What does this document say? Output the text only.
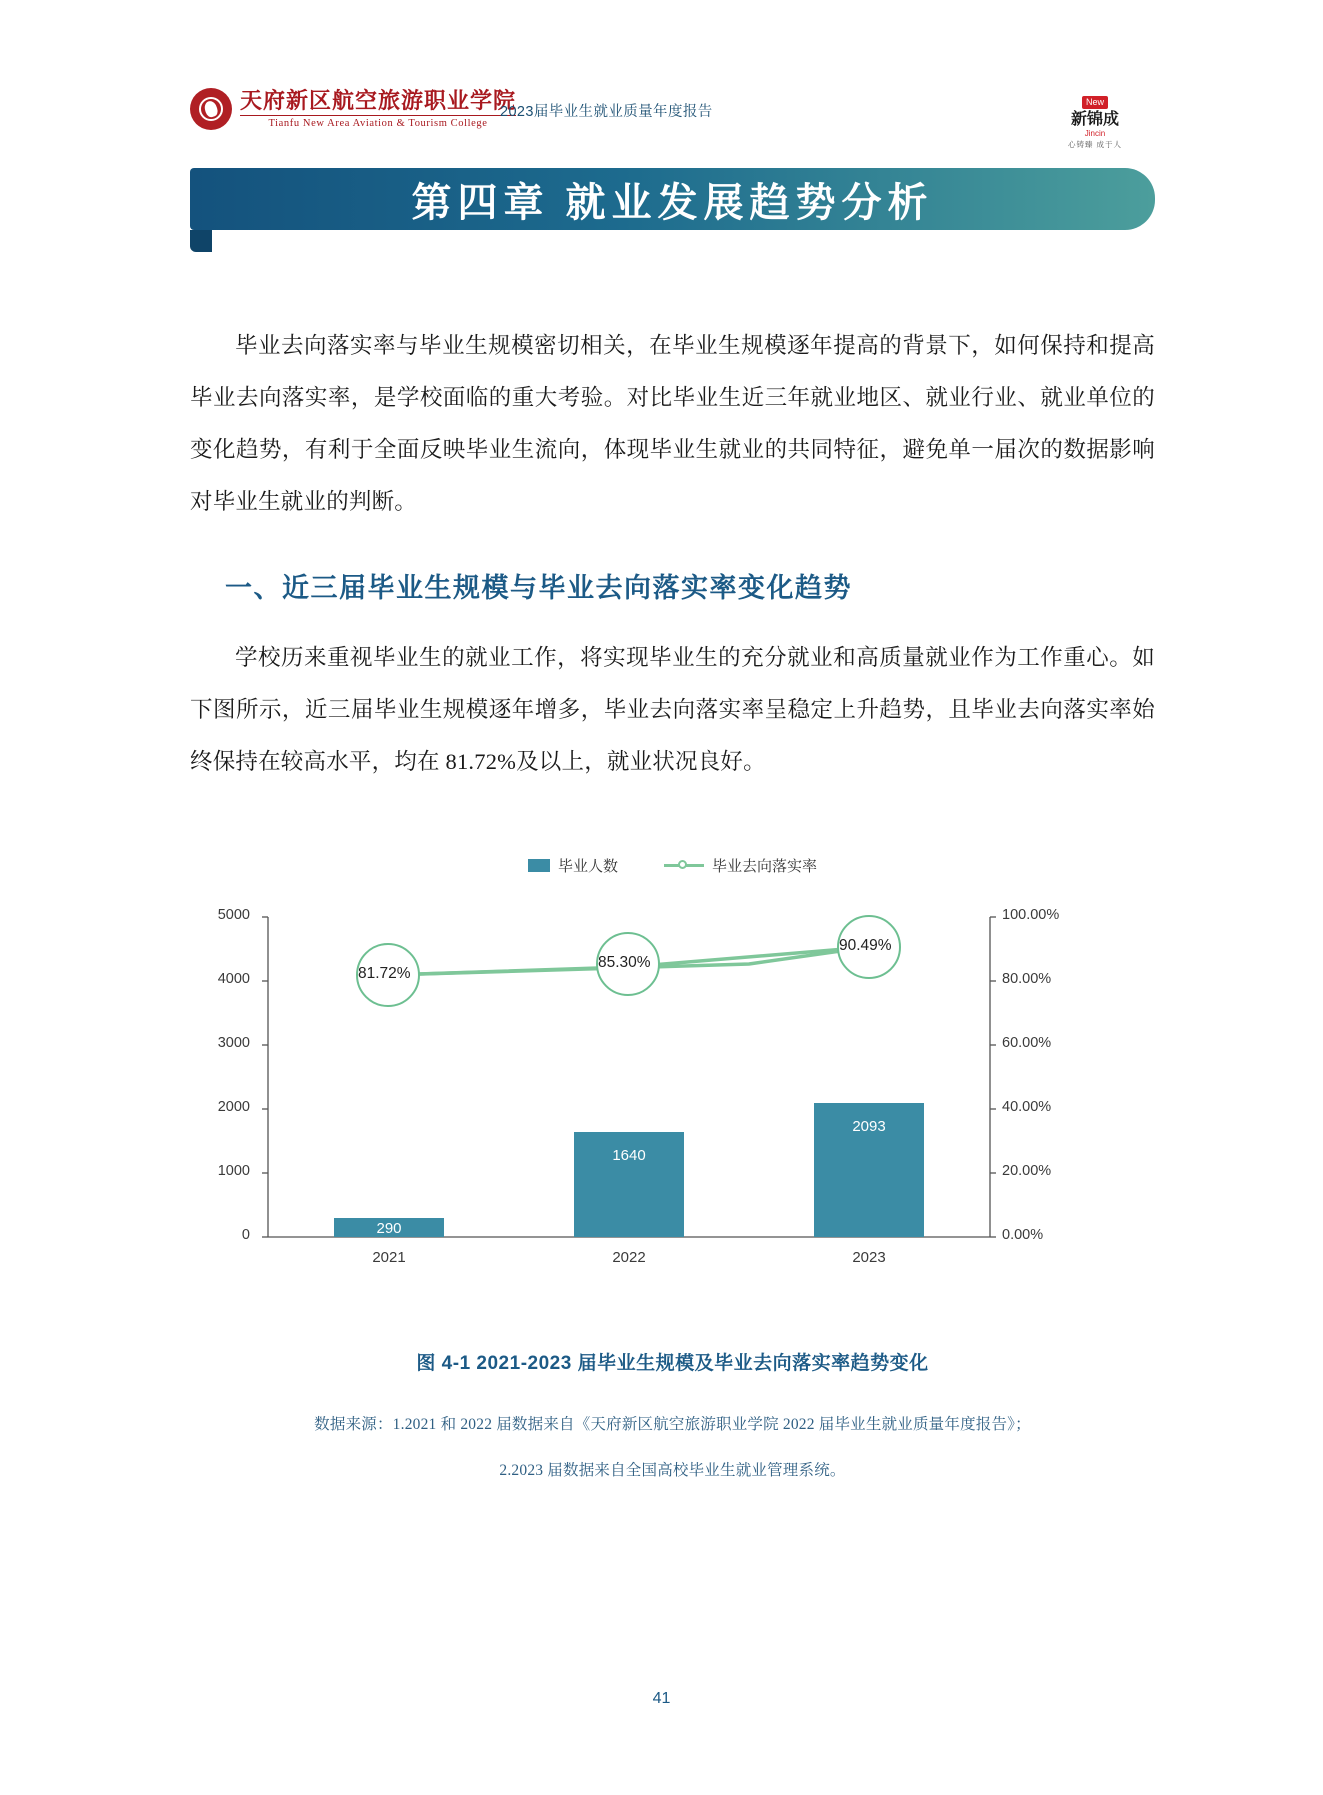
天府新区航空旅游职业学院
Tianfu New Area Aviation & Tourism College
2023届毕业生就业质量年度报告
New
新锦成
Jincin
心铸臻 成于人
第四章 就业发展趋势分析
毕业去向落实率与毕业生规模密切相关，在毕业生规模逐年提高的背景下，如何保持和提高毕业去向落实率，是学校面临的重大考验。对比毕业生近三年就业地区、就业行业、就业单位的变化趋势，有利于全面反映毕业生流向，体现毕业生就业的共同特征，避免单一届次的数据影响对毕业生就业的判断。
一、近三届毕业生规模与毕业去向落实率变化趋势
学校历来重视毕业生的就业工作，将实现毕业生的充分就业和高质量就业作为工作重心。如下图所示，近三届毕业生规模逐年增多，毕业去向落实率呈稳定上升趋势，且毕业去向落实率始终保持在较高水平，均在 81.72%及以上，就业状况良好。
毕业人数	毕业去向落实率
5000
4000
3000
2000
1000
0
100.00%
80.00%
60.00%
40.00%
20.00%
0.00%
290
1640
2093
81.72%
85.30%
90.49%
2021	2022	2023
图 4-1 2021-2023 届毕业生规模及毕业去向落实率趋势变化
数据来源：1.2021 和 2022 届数据来自《天府新区航空旅游职业学院 2022 届毕业生就业质量年度报告》；
2.2023 届数据来自全国高校毕业生就业管理系统。
41
